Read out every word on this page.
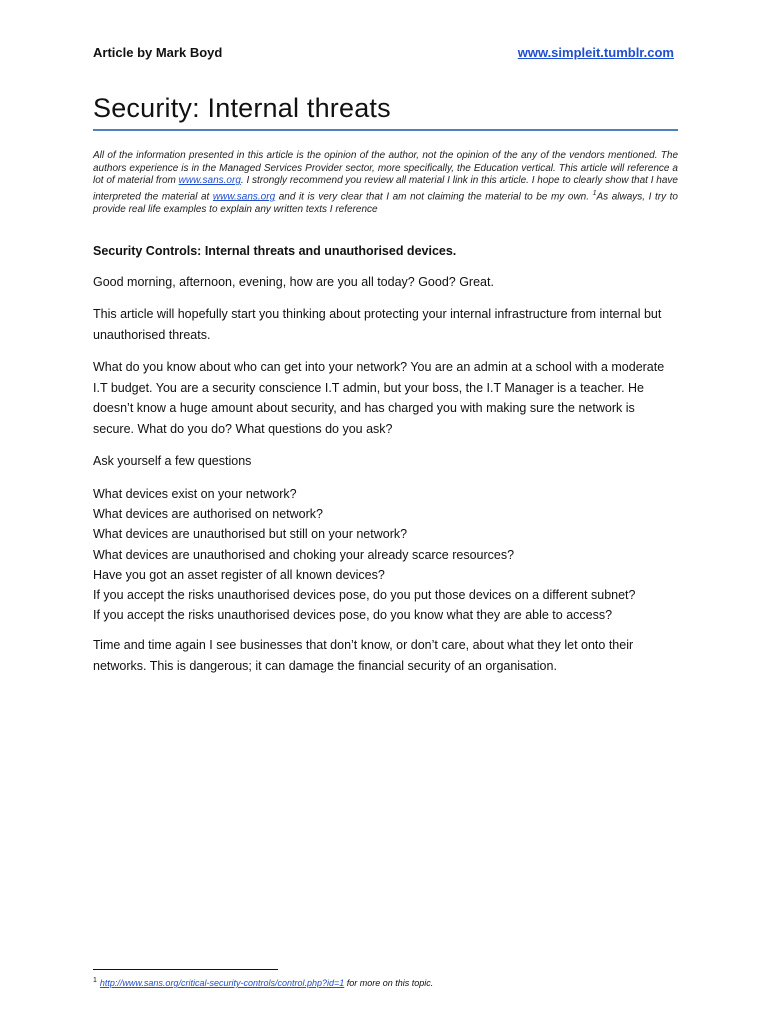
Article by Mark Boyd	www.simpleit.tumblr.com
Security: Internal threats

All of the information presented in this article is the opinion of the author, not the opinion of the any of the vendors mentioned. The authors experience is in the Managed Services Provider sector, more specifically, the Education vertical. This article will reference a lot of material from www.sans.org. I strongly recommend you review all material I link in this article. I hope to clearly show that I have interpreted the material at www.sans.org and it is very clear that I am not claiming the material to be my own. $^1$As always, I try to provide real life examples to explain any written texts I reference

Security Controls: Internal threats and unauthorised devices.

Good morning, afternoon, evening, how are you all today? Good? Great.

This article will hopefully start you thinking about protecting your internal infrastructure from internal but unauthorised threats.

What do you know about who can get into your network? You are an admin at a school with a moderate I.T budget. You are a security conscience I.T admin, but your boss, the I.T Manager is a teacher. He doesn’t know a huge amount about security, and has charged you with making sure the network is secure. What do you do? What questions do you ask?

Ask yourself a few questions

What devices exist on your network?
What devices are authorised on network?
What devices are unauthorised but still on your network?
What devices are unauthorised and choking your already scarce resources?
Have you got an asset register of all known devices?
If you accept the risks unauthorised devices pose, do you put those devices on a different subnet?
If you accept the risks unauthorised devices pose, do you know what they are able to access?

Time and time again I see businesses that don’t know, or don’t care, about what they let onto their networks. This is dangerous; it can damage the financial security of an organisation.

$^1$ http://www.sans.org/critical-security-controls/control.php?id=1 for more on this topic.
